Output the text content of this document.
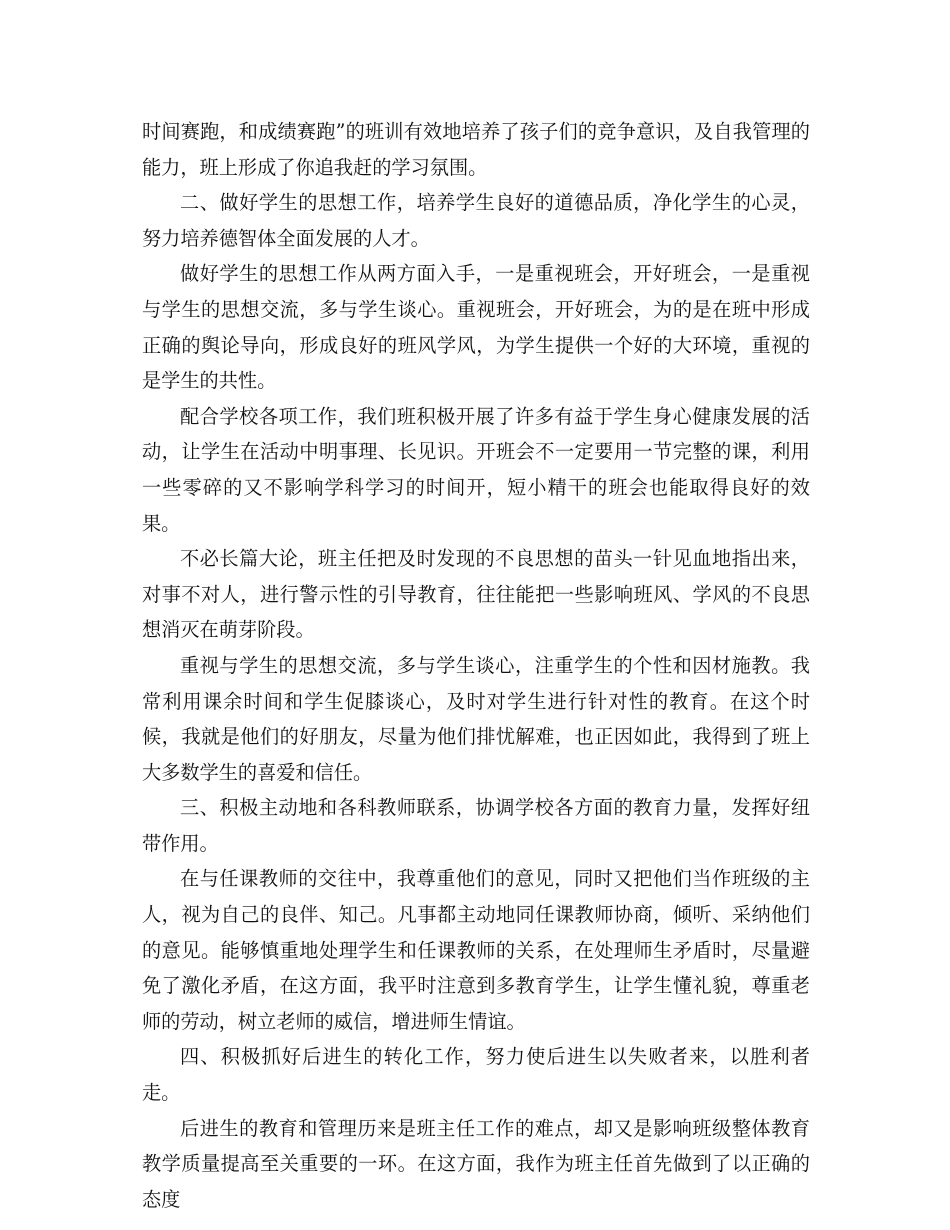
时间赛跑，和成绩赛跑”的班训有效地培养了孩子们的竞争意识，及自我管理的能力，班上形成了你追我赶的学习氛围。

二、做好学生的思想工作，培养学生良好的道德品质，净化学生的心灵，努力培养德智体全面发展的人才。

做好学生的思想工作从两方面入手，一是重视班会，开好班会，一是重视与学生的思想交流，多与学生谈心。重视班会，开好班会，为的是在班中形成正确的舆论导向，形成良好的班风学风，为学生提供一个好的大环境，重视的是学生的共性。

配合学校各项工作，我们班积极开展了许多有益于学生身心健康发展的活动，让学生在活动中明事理、长见识。开班会不一定要用一节完整的课，利用一些零碎的又不影响学科学习的时间开，短小精干的班会也能取得良好的效果。

不必长篇大论，班主任把及时发现的不良思想的苗头一针见血地指出来，对事不对人，进行警示性的引导教育，往往能把一些影响班风、学风的不良思想消灭在萌芽阶段。

重视与学生的思想交流，多与学生谈心，注重学生的个性和因材施教。我常利用课余时间和学生促膝谈心，及时对学生进行针对性的教育。在这个时候，我就是他们的好朋友，尽量为他们排忧解难，也正因如此，我得到了班上大多数学生的喜爱和信任。

三、积极主动地和各科教师联系，协调学校各方面的教育力量，发挥好纽带作用。

在与任课教师的交往中，我尊重他们的意见，同时又把他们当作班级的主人，视为自己的良伴、知己。凡事都主动地同任课教师协商，倾听、采纳他们的意见。能够慎重地处理学生和任课教师的关系，在处理师生矛盾时，尽量避免了激化矛盾，在这方面，我平时注意到多教育学生，让学生懂礼貌，尊重老师的劳动，树立老师的威信，增进师生情谊。

四、积极抓好后进生的转化工作，努力使后进生以失败者来，以胜利者走。

后进生的教育和管理历来是班主任工作的难点，却又是影响班级整体教育教学质量提高至关重要的一环。在这方面，我作为班主任首先做到了以正确的态度
